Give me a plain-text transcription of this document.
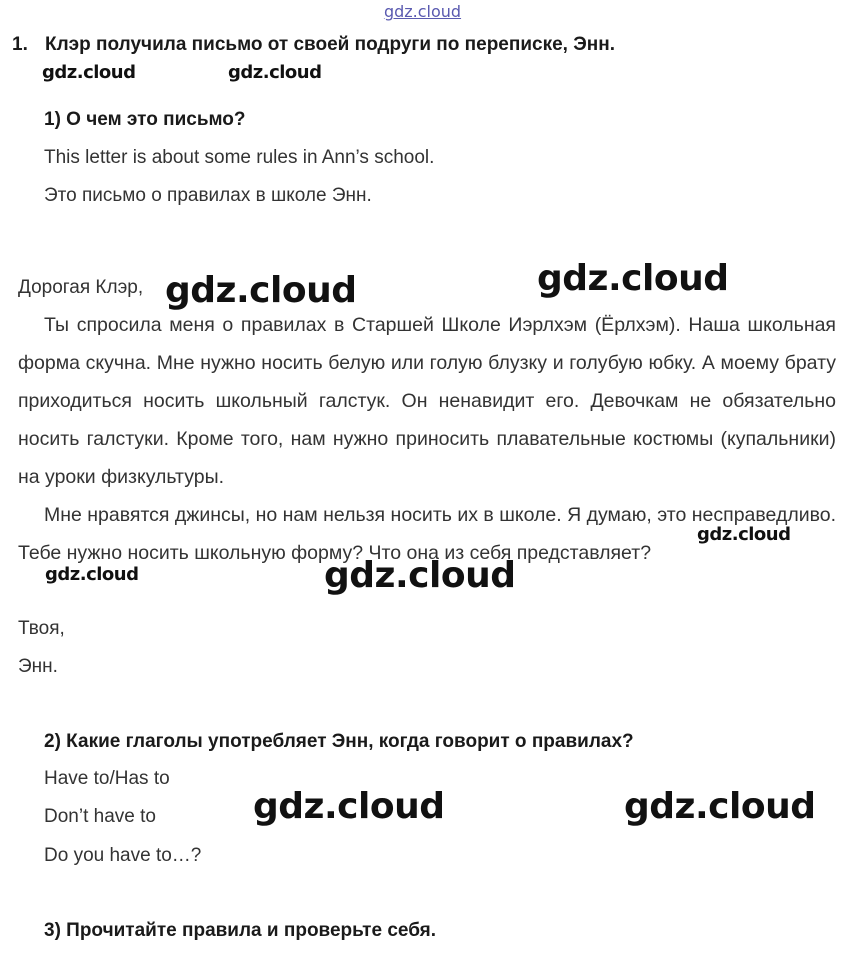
gdz.cloud
1. Клэр получила письмо от своей подруги по переписке, Энн.
gdz.cloud	gdz.cloud
1) О чем это письмо?
This letter is about some rules in Ann’s school.
Это письмо о правилах в школе Энн.
Дорогая Клэр,
Ты спросила меня о правилах в Старшей Школе Иэрлхэм (Ёрлхэм). Наша школьная форма скучна. Мне нужно носить белую или голую блузку и голубую юбку. А моему брату приходиться носить школьный галстук. Он ненавидит его. Девочкам не обязательно носить галстуки. Кроме того, нам нужно приносить плавательные костюмы (купальники) на уроки физкультуры.
Мне нравятся джинсы, но нам нельзя носить их в школе. Я думаю, это несправедливо. Тебе нужно носить школьную форму? Что она из себя представляет?
Твоя,
Энн.
gdz.cloud	gdz.cloud
gdz.cloud
gdz.cloud	gdz.cloud
2) Какие глаголы употребляет Энн, когда говорит о правилах?
Have to/Has to
Don’t have to
Do you have to…?
gdz.cloud	gdz.cloud
3) Прочитайте правила и проверьте себя.
